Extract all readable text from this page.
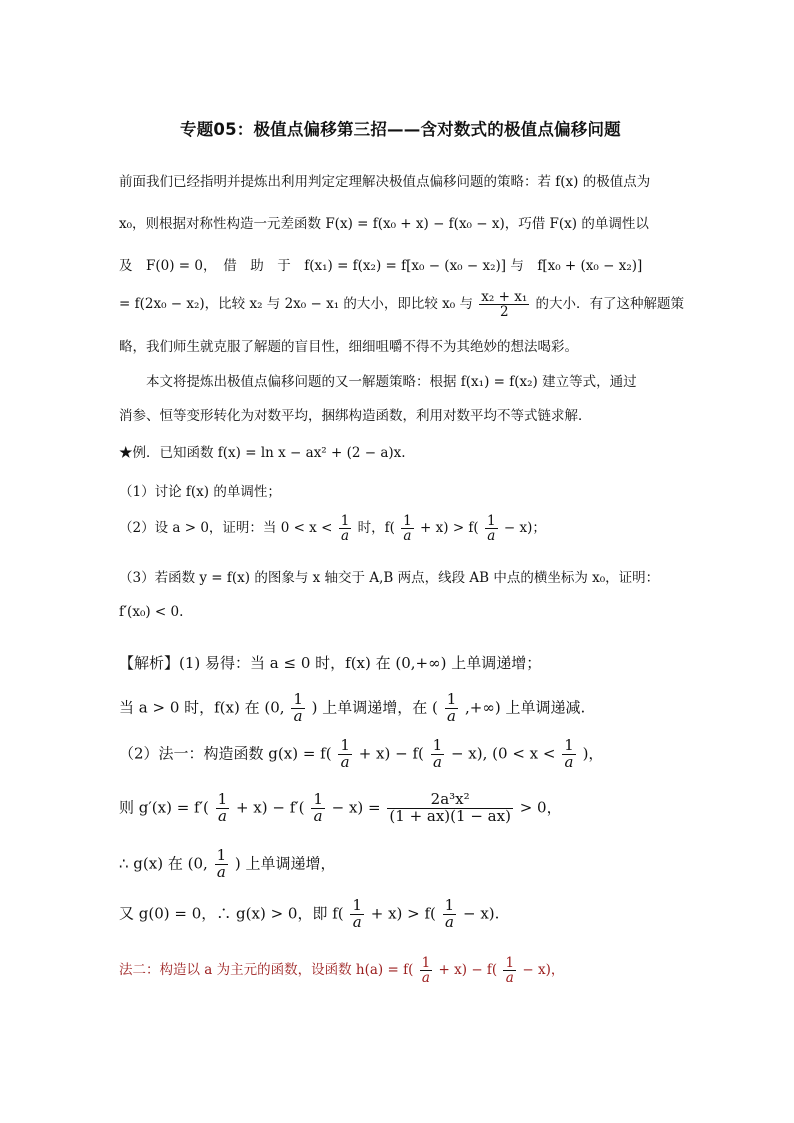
专题05：极值点偏移第三招——含对数式的极值点偏移问题
前面我们已经指明并提炼出利用判定定理解决极值点偏移问题的策略：若 f(x) 的极值点为
x₀，则根据对称性构造一元差函数 F(x) = f(x₀ + x) − f(x₀ − x)，巧借 F(x) 的单调性以
及　F(0) = 0，　借　助　于　f(x₁) = f(x₂) = f[x₀ − (x₀ − x₂)] 与　f[x₀ + (x₀ − x₂)]
= f(2x₀ − x₂)，比较 x₂ 与 2x₀ − x₁ 的大小，即比较 x₀ 与 $\frac{\text{x₂ + x₁}}{2}$ 的大小．有了这种解题策
略，我们师生就克服了解题的盲目性，细细咀嚼不得不为其绝妙的想法喝彩。
本文将提炼出极值点偏移问题的又一解题策略：根据 f(x₁) = f(x₂) 建立等式，通过
消参、恒等变形转化为对数平均，捆绑构造函数，利用对数平均不等式链求解．
★例．已知函数 f(x) = ln x − ax² + (2 − a)x.
（1）讨论 f(x) 的单调性；
（2）设 a > 0，证明：当 $0 < x < \frac{1}{a}$ 时，$f( \frac{1}{a} + x) > f( \frac{1}{a} - x)$；
（3）若函数 y = f(x) 的图象与 x 轴交于 A,B 两点，线段 AB 中点的横坐标为 x₀，证明：
f′(x₀) < 0.
【解析】(1) 易得：当 a ≤ 0 时，f(x) 在 (0,+∞) 上单调递增；
当 a > 0 时，f(x) 在 (0, $\frac{1}{a}$ ) 上单调递增，在 ( $\frac{1}{a}$ ,+∞) 上单调递减.
（2）法一：构造函数 $g(x) = f( \frac{1}{a} + x) - f( \frac{1}{a} - x)$, ($0 < x < \frac{1}{a}$ )，
则 $g'(x) = f'( \frac{1}{a} + x) - f'( \frac{1}{a} - x) = \frac{\text{2a³x²}}{(1 + ax)(1 - ax)} > 0$，
∴ g(x) 在 (0, $\frac{1}{a}$ ) 上单调递增，
又 g(0) = 0，∴ g(x) > 0，即 $f( \frac{1}{a} + x) > f( \frac{1}{a} - x)$.
法二：构造以 a 为主元的函数，设函数 $h(a) = f( \frac{1}{a} + x) - f( \frac{1}{a} - x)$，
